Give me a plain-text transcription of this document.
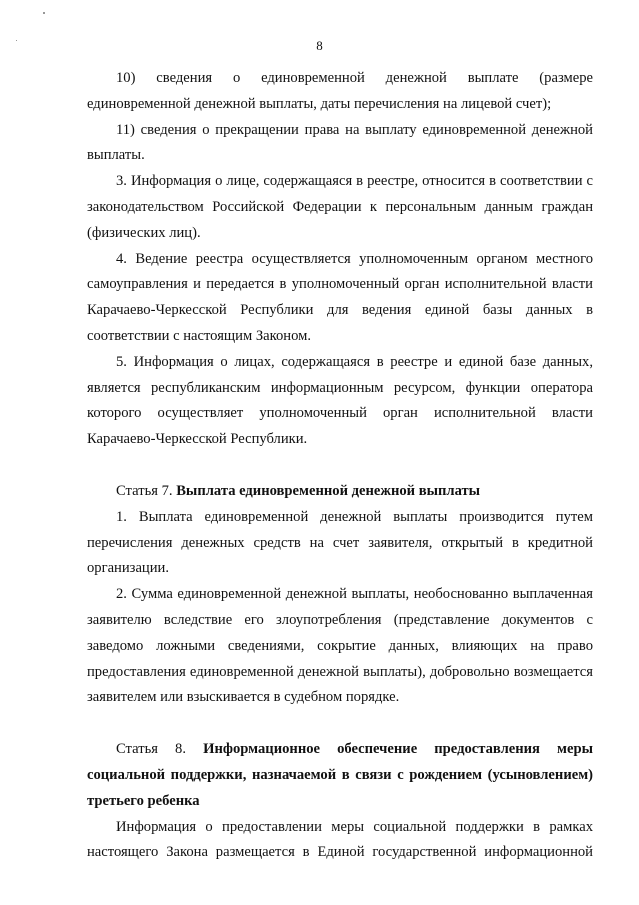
8

10) сведения о единовременной денежной выплате (размере единовременной денежной выплаты, даты перечисления на лицевой счет);

11) сведения о прекращении права на выплату единовременной денежной выплаты.

3. Информация о лице, содержащаяся в реестре, относится в соответствии с законодательством Российской Федерации к персональным данным граждан (физических лиц).

4. Ведение реестра осуществляется уполномоченным органом местного самоуправления и передается в уполномоченный орган исполнительной власти Карачаево-Черкесской Республики для ведения единой базы данных в соответствии с настоящим Законом.

5. Информация о лицах, содержащаяся в реестре и единой базе данных, является республиканским информационным ресурсом, функции оператора которого осуществляет уполномоченный орган исполнительной власти Карачаево-Черкесской Республики.

Статья 7. Выплата единовременной денежной выплаты

1. Выплата единовременной денежной выплаты производится путем перечисления денежных средств на счет заявителя, открытый в кредитной организации.

2. Сумма единовременной денежной выплаты, необоснованно выплаченная заявителю вследствие его злоупотребления (представление документов с заведомо ложными сведениями, сокрытие данных, влияющих на право предоставления единовременной денежной выплаты), добровольно возмещается заявителем или взыскивается в судебном порядке.

Статья 8. Информационное обеспечение предоставления меры социальной поддержки, назначаемой в связи с рождением (усыновлением) третьего ребенка

Информация о предоставлении меры социальной поддержки в рамках настоящего Закона размещается в Единой государственной информационной
